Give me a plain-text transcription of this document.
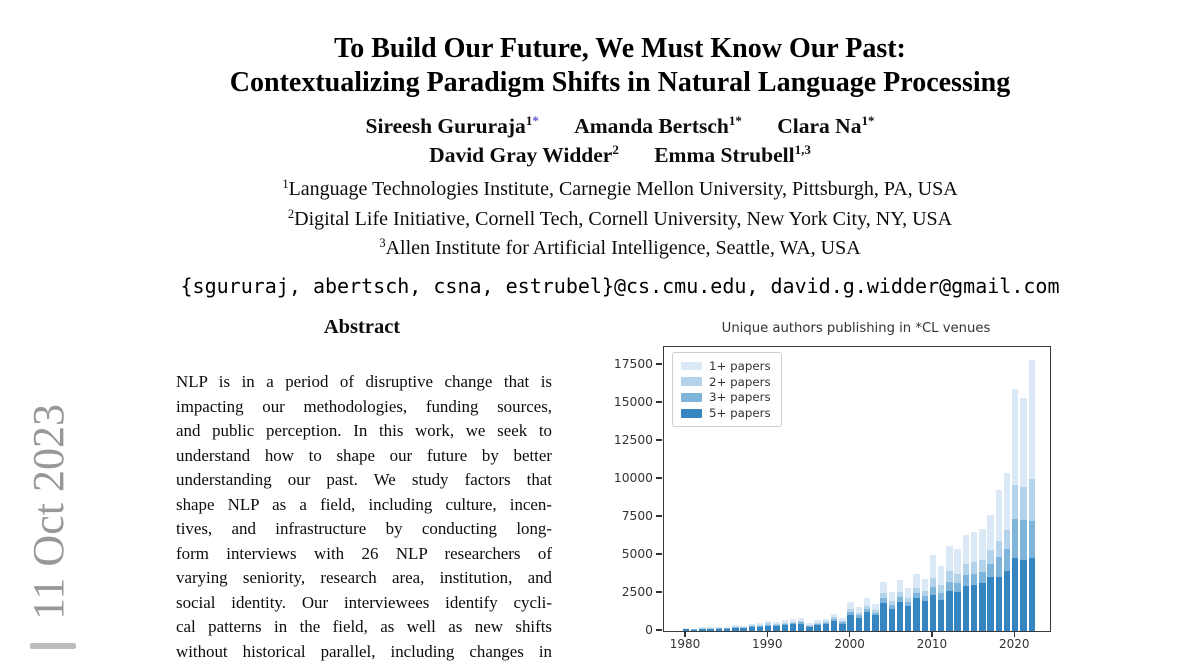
11 Oct 2023
To Build Our Future, We Must Know Our Past:
Contextualizing Paradigm Shifts in Natural Language Processing
Sireesh Gururaja$^{1*}$ Amanda Bertsch$^{1*}$ Clara $Na^{1*}$
David Gray Widder$^2$ Emma Strubell$^{1,3}$
$^1$Language Technologies Institute, Carnegie Mellon University, Pittsburgh, PA, USA
$^2$Digital Life Initiative, Cornell Tech, Cornell University, New York City, NY, USA
$^3$Allen Institute for Artificial Intelligence, Seattle, WA, USA
{sgururaj, abertsch, csna, estrubel}@cs.cmu.edu, david.g.widder@gmail.com
Abstract
NLP is in a period of disruptive change that is
impacting our methodologies, funding sources,
and public perception. In this work, we seek to
understand how to shape our future by better
understanding our past. We study factors that
shape NLP as a field, including culture, incen-
tives, and infrastructure by conducting long-
form interviews with 26 NLP researchers of
varying seniority, research area, institution, and
social identity. Our interviewees identify cycli-
cal patterns in the field, as well as new shifts
without historical parallel, including changes in
Unique authors publishing in *CL venues
1+ papers
2+ papers
3+ papers
5+ papers
0
2500
5000
7500
10000
12500
15000
17500
1980	1990	2000	2010	2020
